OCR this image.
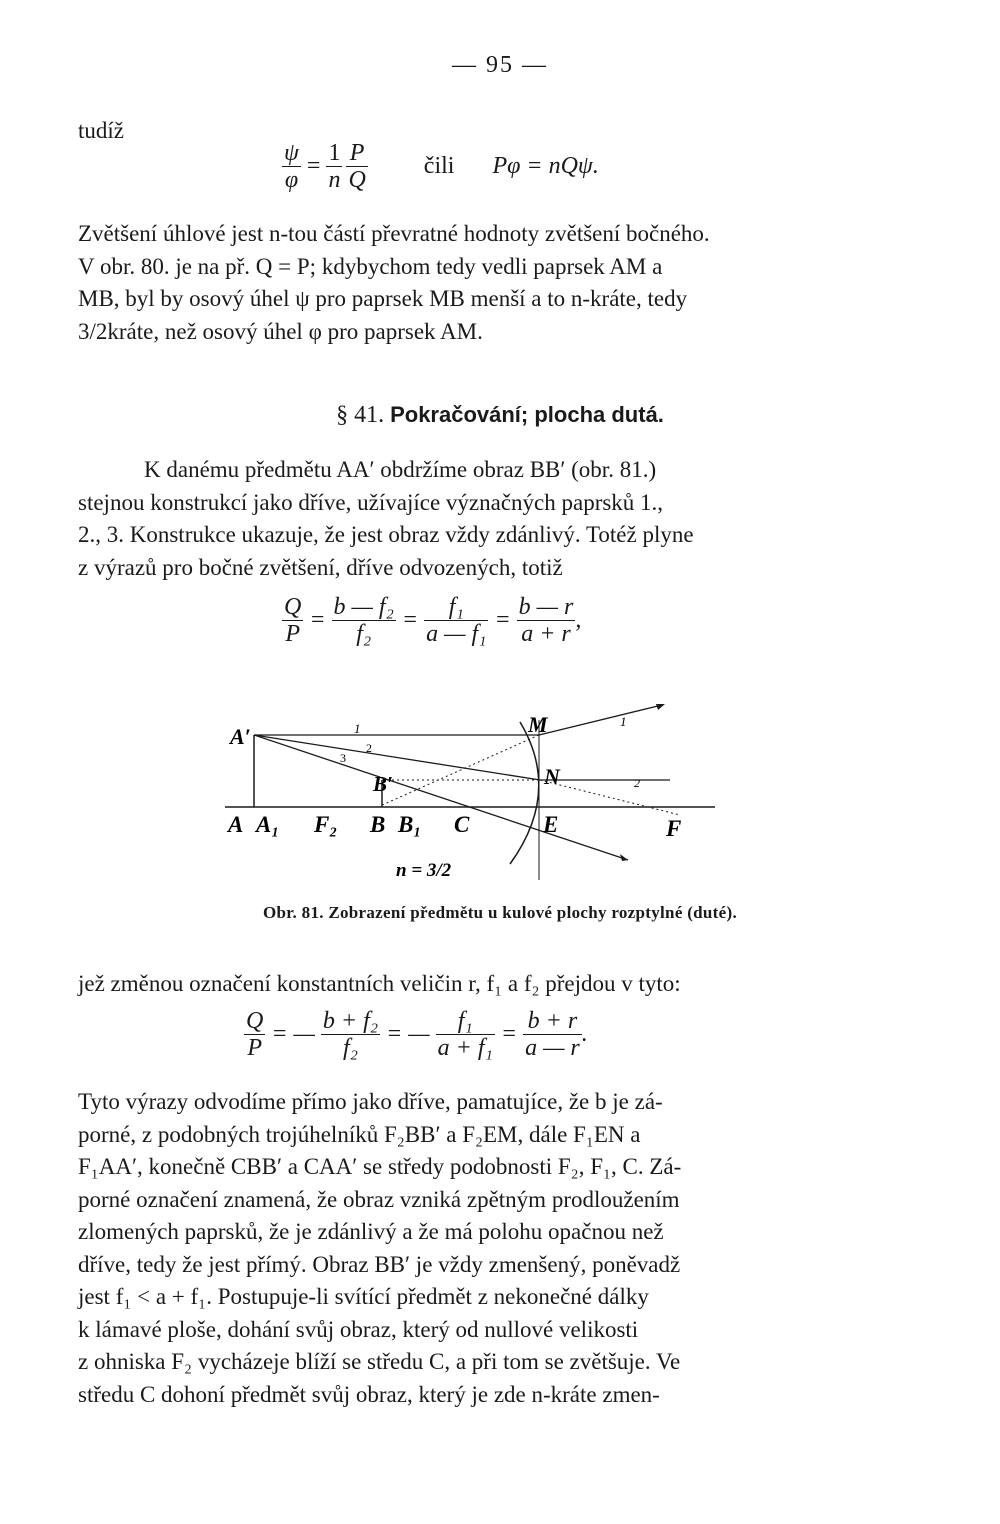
— 95 —
tudíž
$\frac{\psi}{\varphi} = \frac{1}{n} \frac{P}{Q}$ čili Pφ = nQψ.
Zvětšení úhlové jest n-tou částí převratné hodnoty zvětšení bočného.
V obr. 80. je na př. Q = P; kdybychom tedy vedli paprsek AM a
MB, byl by osový úhel ψ pro paprsek MB menší a to n-kráte, tedy
3/2kráte, než osový úhel φ pro paprsek AM.
§ 41. Pokračování; plocha dutá.
K danému předmětu AA′ obdržíme obraz BB′ (obr. 81.)
stejnou konstrukcí jako dříve, užívajíce význačných paprsků 1.,
2., 3. Konstrukce ukazuje, že jest obraz vždy zdánlivý. Totéž plyne
z výrazů pro bočné zvětšení, dříve odvozených, totiž
$\frac{Q}{P} = \frac{\text{b — f₂}}{\text{f₂}} = \frac{\text{f₁}}{\text{a — f₁}} = \frac{b — r}{a + r}$ ,
A′	M
N
B′
A A₁ F₂ B B₁ C	E	F
1
2
3
1
2
n = 3/2
Obr. 81. Zobrazení předmětu u kulové plochy rozptylné (duté).
jež změnou označení konstantních veličin r, f₁ a f₂ přejdou v tyto:
$\frac{Q}{P}$ = — $\frac{\text{b + f₂}}{\text{f₂}}$ = — $\frac{\text{f₁}}{\text{a + f₁}} = \frac{b + r}{a — r}$ .
Tyto výrazy odvodíme přímo jako dříve, pamatujíce, že b je zá-
porné, z podobných trojúhelníků F₂BB′ a F₂EM, dále F₁EN a
F₁AA′, konečně CBB′ a CAA′ se středy podobnosti F₂, F₁, C. Zá-
porné označení znamená, že obraz vzniká zpětným prodloužením
zlomených paprsků, že je zdánlivý a že má polohu opačnou než
dříve, tedy že jest přímý. Obraz BB′ je vždy zmenšený, poněvadž
jest f₁ < a + f₁. Postupuje-li svítící předmět z nekonečné dálky
k lámavé ploše, dohání svůj obraz, který od nullové velikosti
z ohniska F₂ vycházeje blíží se středu C, a při tom se zvětšuje. Ve
středu C dohoní předmět svůj obraz, který je zde n-kráte zmen-
